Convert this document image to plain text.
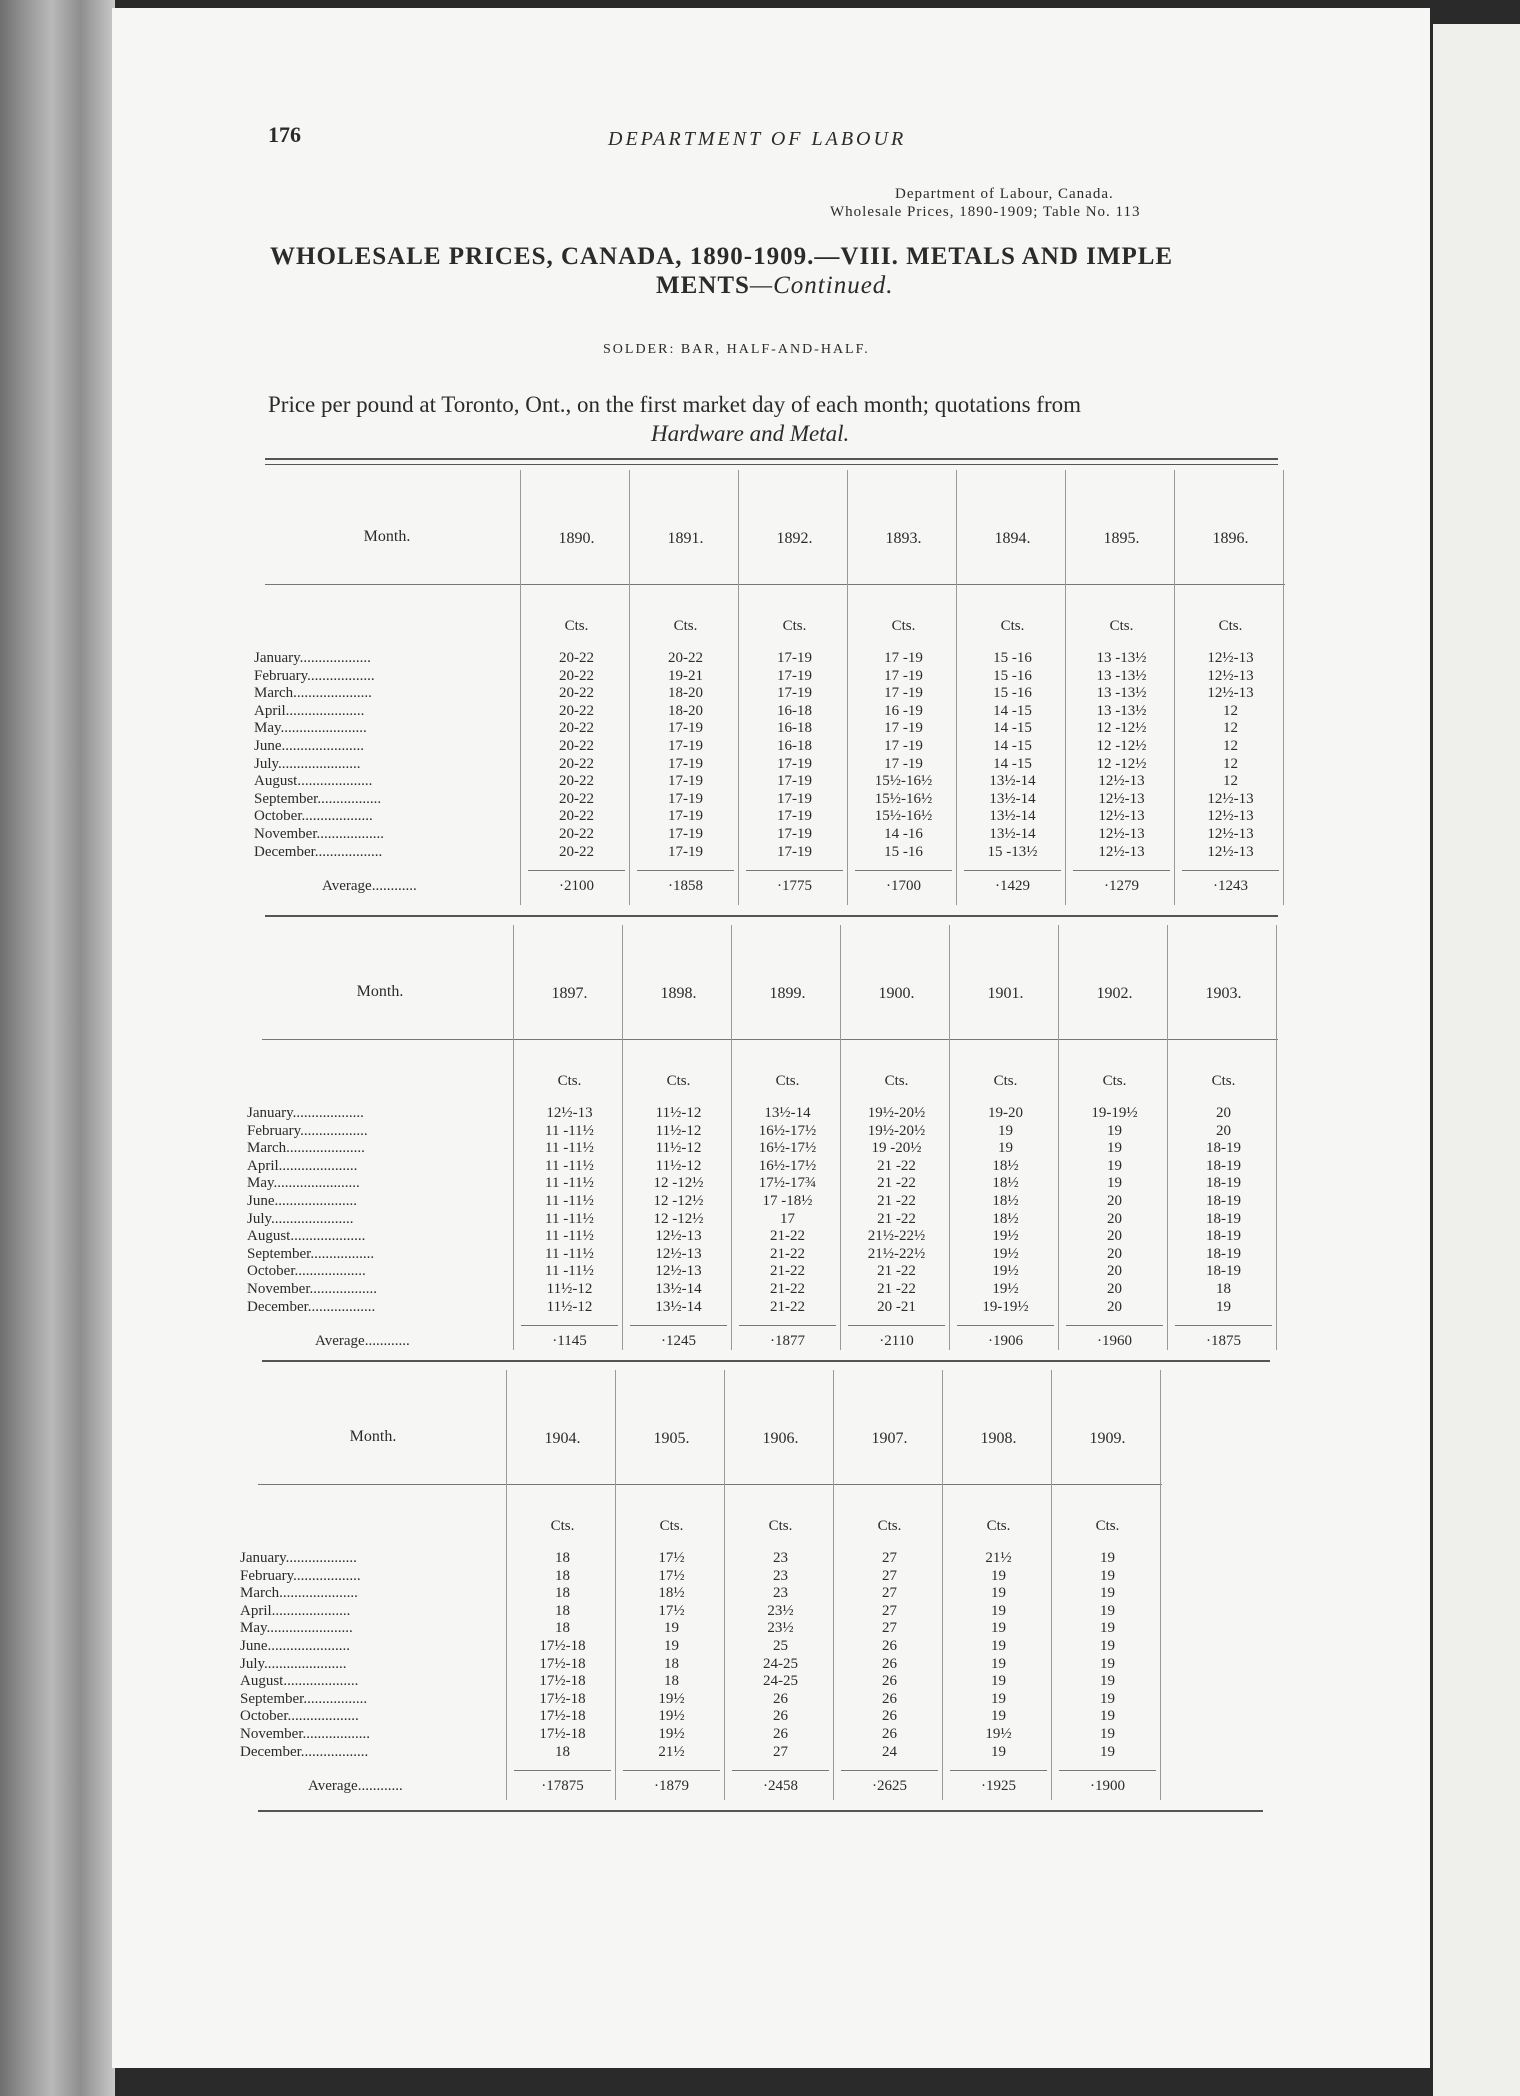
176	DEPARTMENT OF LABOUR
Department of Labour, Canada.
Wholesale Prices, 1890-1909; Table No. 113
WHOLESALE PRICES, CANADA, 1890-1909.—VIII. METALS AND IMPLE
MENTS—Continued.
SOLDER: BAR, HALF-AND-HALF.
Price per pound at Toronto, Ont., on the first market day of each month; quotations from
Hardware and Metal.
Month.
January...................
February..................
March.....................
April.....................
May.......................
June......................
July......................
August....................
September.................
October...................
November..................
December..................
Average............
1890.
Cts.
20-22
20-22
20-22
20-22
20-22
20-22
20-22
20-22
20-22
20-22
20-22
20-22
·2100
1891.
Cts.
20-22
19-21
18-20
18-20
17-19
17-19
17-19
17-19
17-19
17-19
17-19
17-19
·1858
1892.
Cts.
17-19
17-19
17-19
16-18
16-18
16-18
17-19
17-19
17-19
17-19
17-19
17-19
·1775
1893.
Cts.
17 -19
17 -19
17 -19
16 -19
17 -19
17 -19
17 -19
15½-16½
15½-16½
15½-16½
14 -16
15 -16
·1700
1894.
Cts.
15 -16
15 -16
15 -16
14 -15
14 -15
14 -15
14 -15
13½-14
13½-14
13½-14
13½-14
15 -13½
·1429
1895.
Cts.
13 -13½
13 -13½
13 -13½
13 -13½
12 -12½
12 -12½
12 -12½
12½-13
12½-13
12½-13
12½-13
12½-13
·1279
1896.
Cts.
12½-13
12½-13
12½-13
12
12
12
12
12
12½-13
12½-13
12½-13
12½-13
·1243
Month.
January...................
February..................
March.....................
April.....................
May.......................
June......................
July......................
August....................
September.................
October...................
November..................
December..................
Average............
1897.
Cts.
12½-13
11 -11½
11 -11½
11 -11½
11 -11½
11 -11½
11 -11½
11 -11½
11 -11½
11 -11½
11½-12
11½-12
·1145
1898.
Cts.
11½-12
11½-12
11½-12
11½-12
12 -12½
12 -12½
12 -12½
12½-13
12½-13
12½-13
13½-14
13½-14
·1245
1899.
Cts.
13½-14
16½-17½
16½-17½
16½-17½
17½-17¾
17 -18½
17
21-22
21-22
21-22
21-22
21-22
·1877
1900.
Cts.
19½-20½
19½-20½
19 -20½
21 -22
21 -22
21 -22
21 -22
21½-22½
21½-22½
21 -22
21 -22
20 -21
·2110
1901.
Cts.
19-20
19
19
18½
18½
18½
18½
19½
19½
19½
19½
19-19½
·1906
1902.
Cts.
19-19½
19
19
19
19
20
20
20
20
20
20
20
·1960
1903.
Cts.
20
20
18-19
18-19
18-19
18-19
18-19
18-19
18-19
18-19
18
19
·1875
Month.
January...................
February..................
March.....................
April.....................
May.......................
June......................
July......................
August....................
September.................
October...................
November..................
December..................
Average............
1904.
Cts.
18
18
18
18
18
17½-18
17½-18
17½-18
17½-18
17½-18
17½-18
18
·17875
1905.
Cts.
17½
17½
18½
17½
19
19
18
18
19½
19½
19½
21½
·1879
1906.
Cts.
23
23
23
23½
23½
25
24-25
24-25
26
26
26
27
·2458
1907.
Cts.
27
27
27
27
27
26
26
26
26
26
26
24
·2625
1908.
Cts.
21½
19
19
19
19
19
19
19
19
19
19½
19
·1925
1909.
Cts.
19
19
19
19
19
19
19
19
19
19
19
19
·1900
